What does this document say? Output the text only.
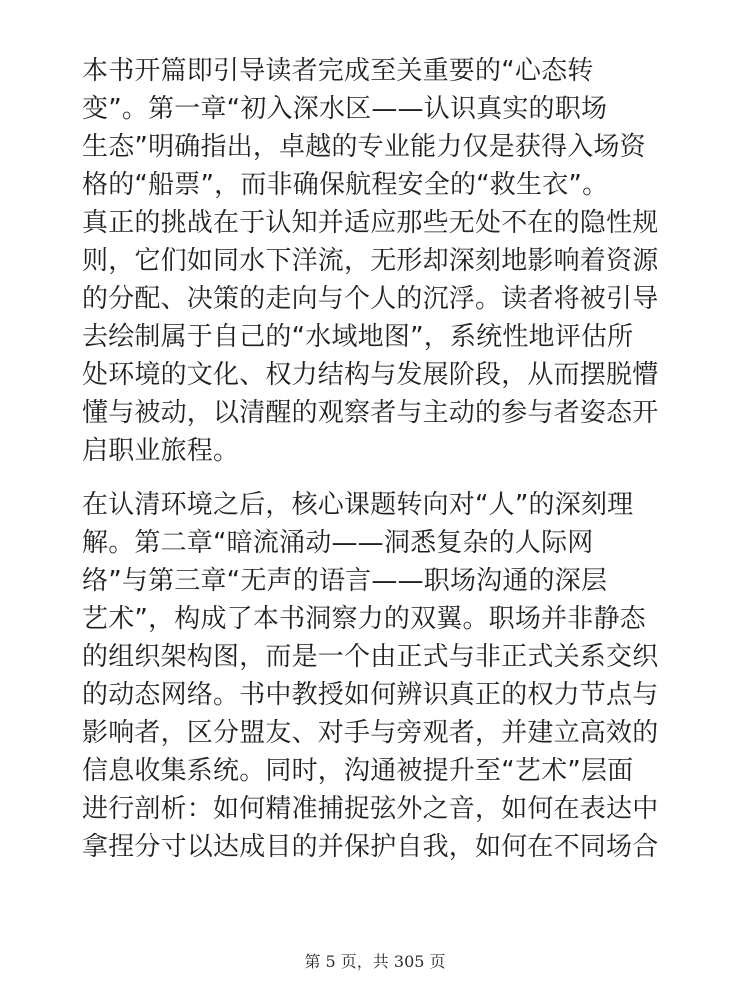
本书开篇即引导读者完成至关重要的“心态转
变”。第一章“初入深水区——认识真实的职场
生态”明确指出，卓越的专业能力仅是获得入场资
格的“船票”，而非确保航程安全的“救生衣”。
真正的挑战在于认知并适应那些无处不在的隐性规
则，它们如同水下洋流，无形却深刻地影响着资源
的分配、决策的走向与个人的沉浮。读者将被引导
去绘制属于自己的“水域地图”，系统性地评估所
处环境的文化、权力结构与发展阶段，从而摆脱懵
懂与被动，以清醒的观察者与主动的参与者姿态开
启职业旅程。

在认清环境之后，核心课题转向对“人”的深刻理
解。第二章“暗流涌动——洞悉复杂的人际网
络”与第三章“无声的语言——职场沟通的深层
艺术”，构成了本书洞察力的双翼。职场并非静态
的组织架构图，而是一个由正式与非正式关系交织
的动态网络。书中教授如何辨识真正的权力节点与
影响者，区分盟友、对手与旁观者，并建立高效的
信息收集系统。同时，沟通被提升至“艺术”层面
进行剖析：如何精准捕捉弦外之音，如何在表达中
拿捏分寸以达成目的并保护自我，如何在不同场合

第 5 页，共 305 页
